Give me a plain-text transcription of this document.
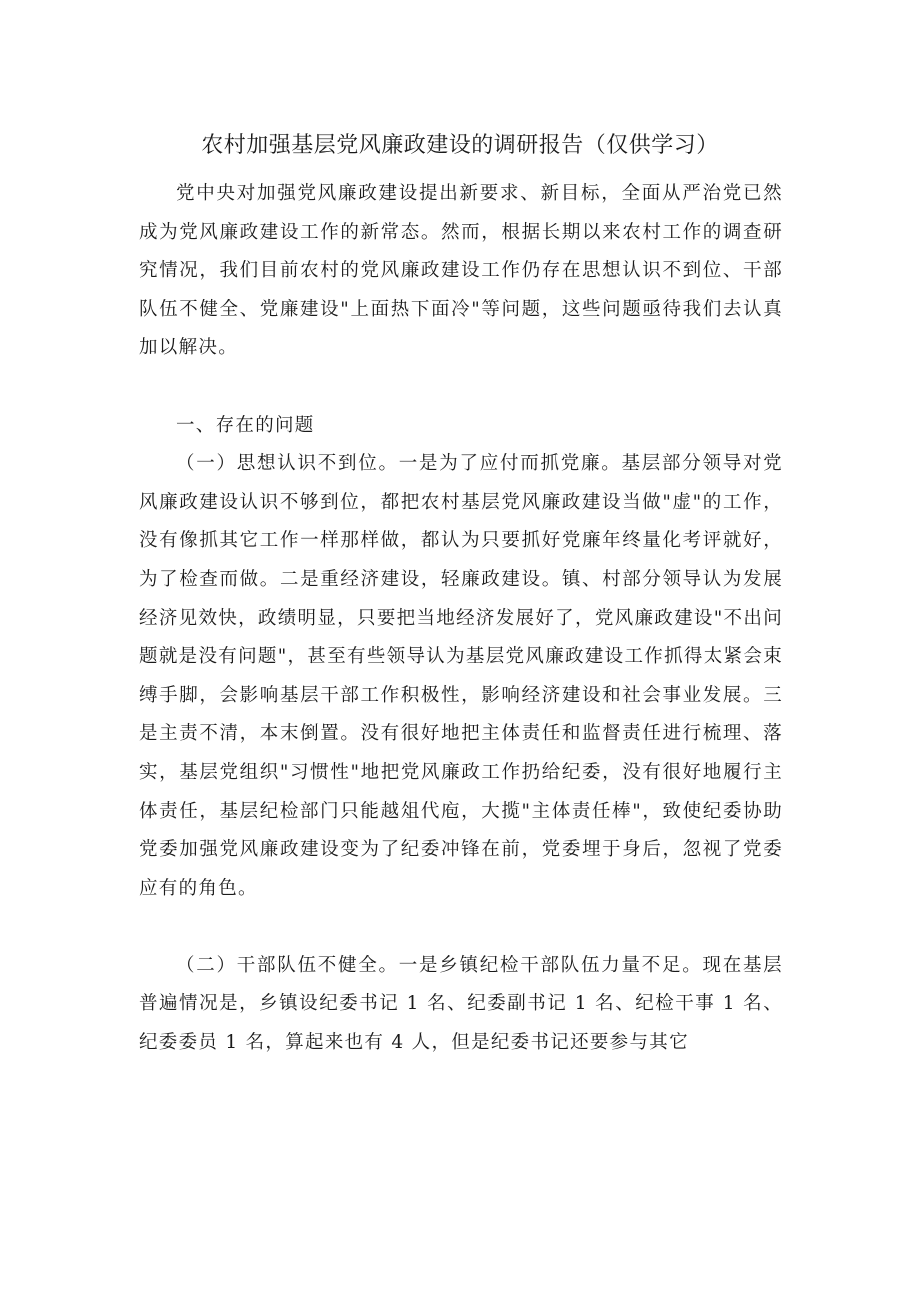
农村加强基层党风廉政建设的调研报告（仅供学习）

党中央对加强党风廉政建设提出新要求、新目标，全面从严治党已然成为党风廉政建设工作的新常态。然而，根据长期以来农村工作的调查研究情况，我们目前农村的党风廉政建设工作仍存在思想认识不到位、干部队伍不健全、党廉建设"上面热下面冷"等问题，这些问题亟待我们去认真加以解决。

一、存在的问题

（一）思想认识不到位。一是为了应付而抓党廉。基层部分领导对党风廉政建设认识不够到位，都把农村基层党风廉政建设当做"虚"的工作，没有像抓其它工作一样那样做，都认为只要抓好党廉年终量化考评就好，为了检查而做。二是重经济建设，轻廉政建设。镇、村部分领导认为发展经济见效快，政绩明显，只要把当地经济发展好了，党风廉政建设"不出问题就是没有问题"，甚至有些领导认为基层党风廉政建设工作抓得太紧会束缚手脚，会影响基层干部工作积极性，影响经济建设和社会事业发展。三是主责不清，本末倒置。没有很好地把主体责任和监督责任进行梳理、落实，基层党组织"习惯性"地把党风廉政工作扔给纪委，没有很好地履行主体责任，基层纪检部门只能越俎代庖，大揽"主体责任棒"，致使纪委协助党委加强党风廉政建设变为了纪委冲锋在前，党委埋于身后，忽视了党委应有的角色。

（二）干部队伍不健全。一是乡镇纪检干部队伍力量不足。现在基层普遍情况是，乡镇设纪委书记 1 名、纪委副书记 1 名、纪检干事 1 名、纪委委员 1 名，算起来也有 4 人，但是纪委书记还要参与其它
